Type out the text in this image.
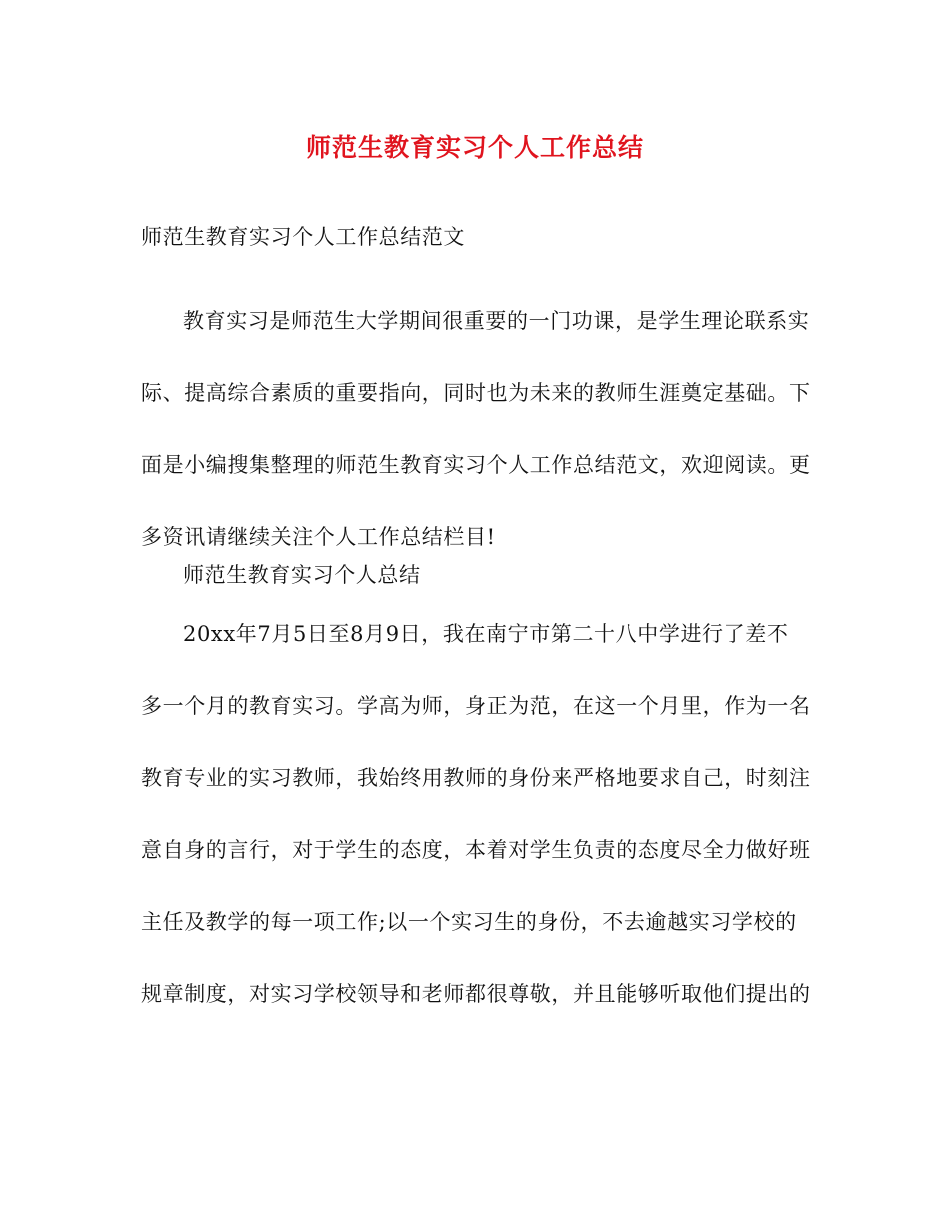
师范生教育实习个人工作总结
师范生教育实习个人工作总结范文
教育实习是师范生大学期间很重要的一门功课，是学生理论联系实
际、提高综合素质的重要指向，同时也为未来的教师生涯奠定基础。下
面是小编搜集整理的师范生教育实习个人工作总结范文，欢迎阅读。更
多资讯请继续关注个人工作总结栏目!
师范生教育实习个人总结
20xx年7月5日至8月9日，我在南宁市第二十八中学进行了差不
多一个月的教育实习。学高为师，身正为范，在这一个月里，作为一名
教育专业的实习教师，我始终用教师的身份来严格地要求自己，时刻注
意自身的言行，对于学生的态度，本着对学生负责的态度尽全力做好班
主任及教学的每一项工作;以一个实习生的身份，不去逾越实习学校的
规章制度，对实习学校领导和老师都很尊敬，并且能够听取他们提出的
